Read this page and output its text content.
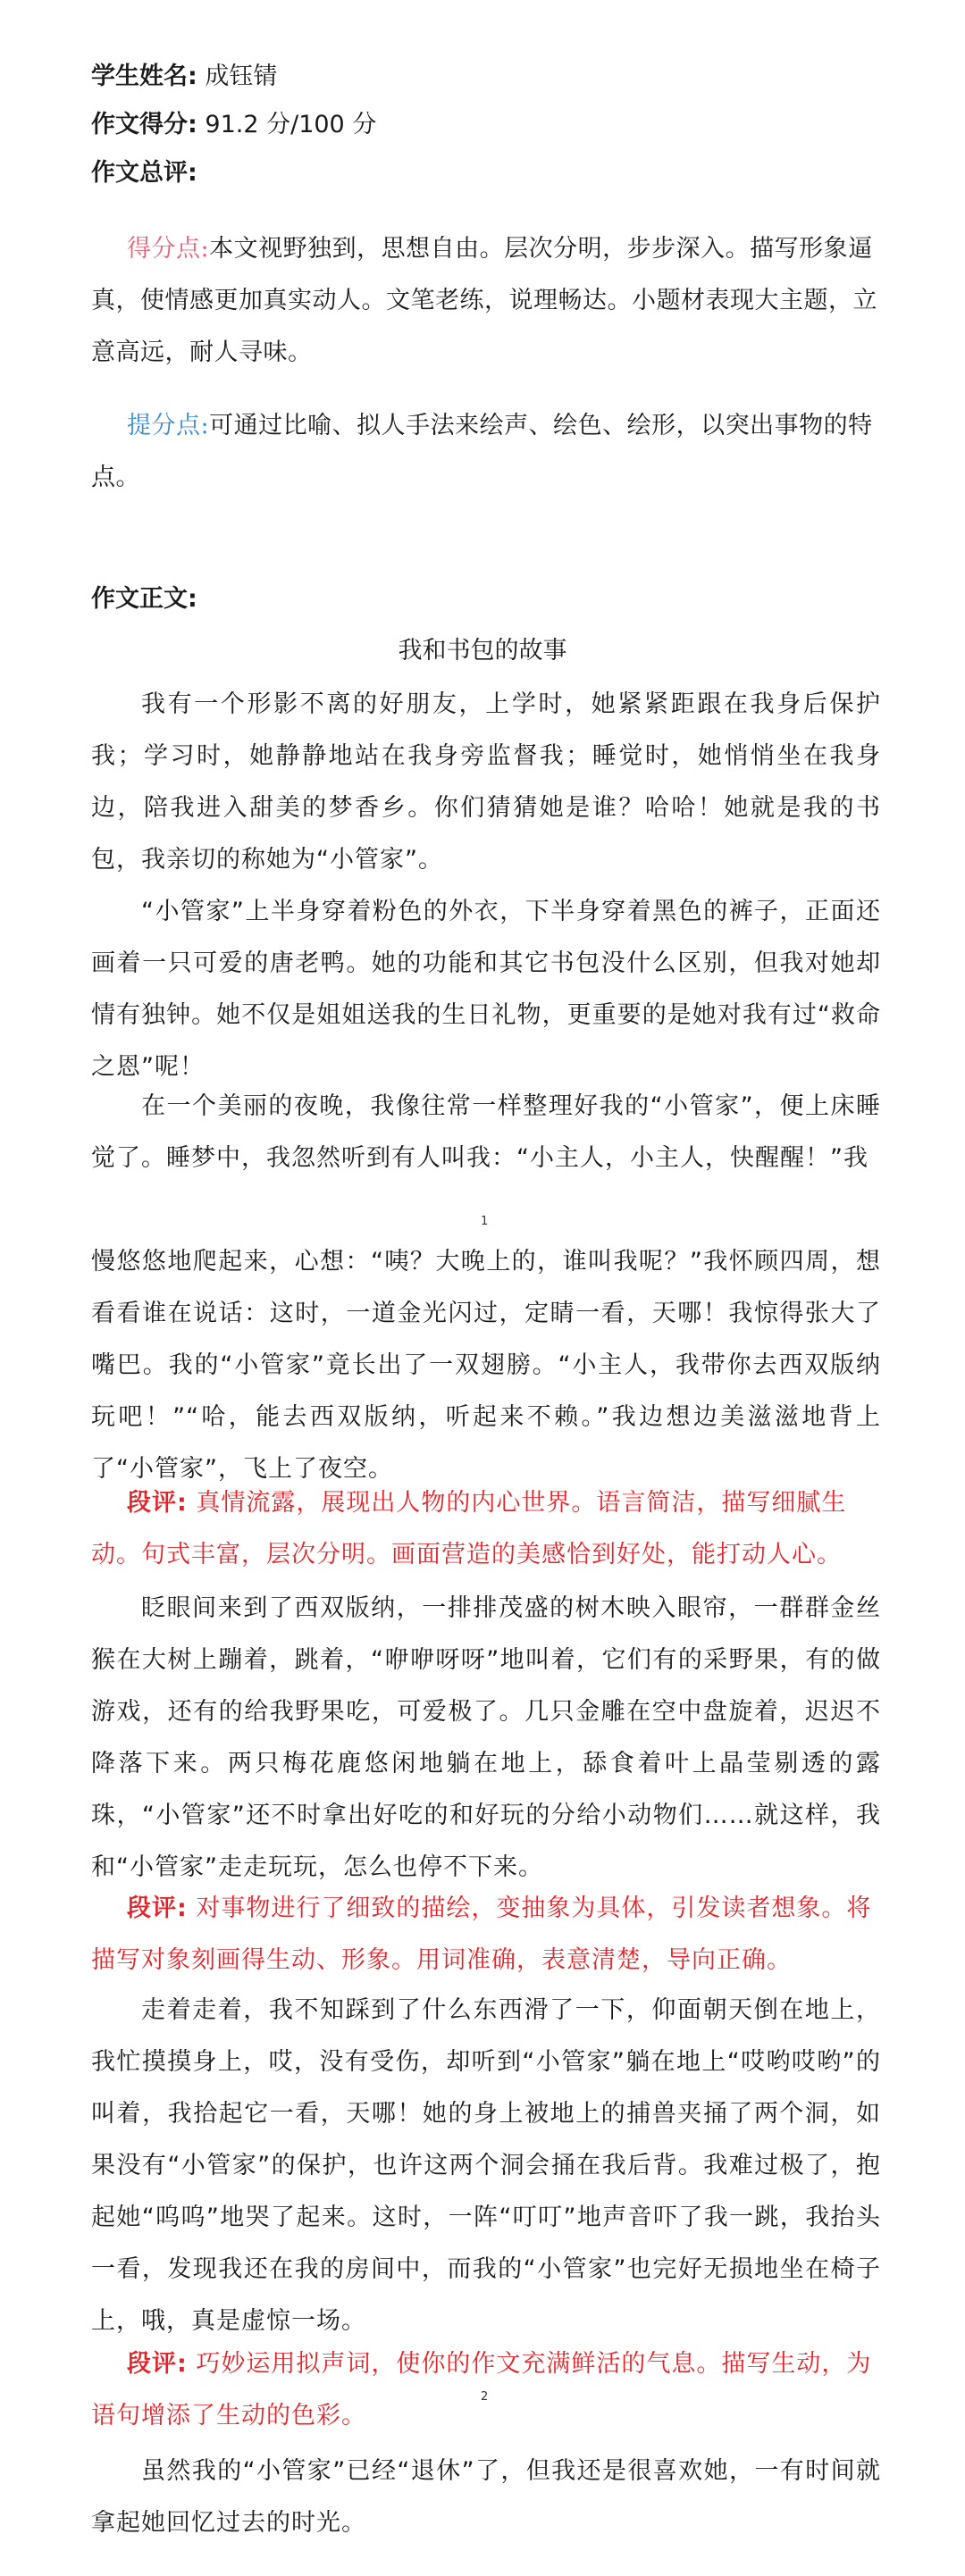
学生姓名: 成钰锖
作文得分: 91.2 分/100 分
作文总评:
得分点:本文视野独到，思想自由。层次分明，步步深入。描写形象逼真，使情感更加真实动人。文笔老练，说理畅达。小题材表现大主题，立意高远，耐人寻味。
提分点:可通过比喻、拟人手法来绘声、绘色、绘形，以突出事物的特点。
作文正文:
我和书包的故事

我有一个形影不离的好朋友，上学时，她紧紧距跟在我身后保护我；学习时，她静静地站在我身旁监督我；睡觉时，她悄悄坐在我身边，陪我进入甜美的梦香乡。你们猜猜她是谁？哈哈！她就是我的书包，我亲切的称她为“小管家”。

“小管家”上半身穿着粉色的外衣，下半身穿着黑色的裤子，正面还画着一只可爱的唐老鸭。她的功能和其它书包没什么区别，但我对她却情有独钟。她不仅是姐姐送我的生日礼物，更重要的是她对我有过“救命之恩”呢！

在一个美丽的夜晚，我像往常一样整理好我的“小管家”，便上床睡觉了。睡梦中，我忽然听到有人叫我：“小主人，小主人，快醒醒！”我

1

慢悠悠地爬起来，心想：“咦？大晚上的，谁叫我呢？”我怀顾四周，想看看谁在说话：这时，一道金光闪过，定睛一看，天哪！我惊得张大了嘴巴。我的“小管家”竟长出了一双翅膀。“小主人，我带你去西双版纳玩吧！”“哈，能去西双版纳，听起来不赖。”我边想边美滋滋地背上了“小管家”，飞上了夜空。

段评: 真情流露，展现出人物的内心世界。语言简洁，描写细腻生动。句式丰富，层次分明。画面营造的美感恰到好处，能打动人心。

眨眼间来到了西双版纳，一排排茂盛的树木映入眼帘，一群群金丝猴在大树上蹦着，跳着，“咿咿呀呀”地叫着，它们有的采野果，有的做游戏，还有的给我野果吃，可爱极了。几只金雕在空中盘旋着，迟迟不降落下来。两只梅花鹿悠闲地躺在地上，舔食着叶上晶莹剔透的露珠，“小管家”还不时拿出好吃的和好玩的分给小动物们……就这样，我和“小管家”走走玩玩，怎么也停不下来。

段评: 对事物进行了细致的描绘，变抽象为具体，引发读者想象。将描写对象刻画得生动、形象。用词准确，表意清楚，导向正确。

走着走着，我不知踩到了什么东西滑了一下，仰面朝天倒在地上，我忙摸摸身上，哎，没有受伤，却听到“小管家”躺在地上“哎哟哎哟”的叫着，我拾起它一看，天哪！她的身上被地上的捕兽夹捅了两个洞，如果没有“小管家”的保护，也许这两个洞会捅在我后背。我难过极了，抱起她“呜呜”地哭了起来。这时，一阵“叮叮”地声音吓了我一跳，我抬头一看，发现我还在我的房间中，而我的“小管家”也完好无损地坐在椅子上，哦，真是虚惊一场。

段评: 巧妙运用拟声词，使你的作文充满鲜活的气息。描写生动，为语句增添了生动的色彩。

2

虽然我的“小管家”已经“退休”了，但我还是很喜欢她，一有时间就拿起她回忆过去的时光。
